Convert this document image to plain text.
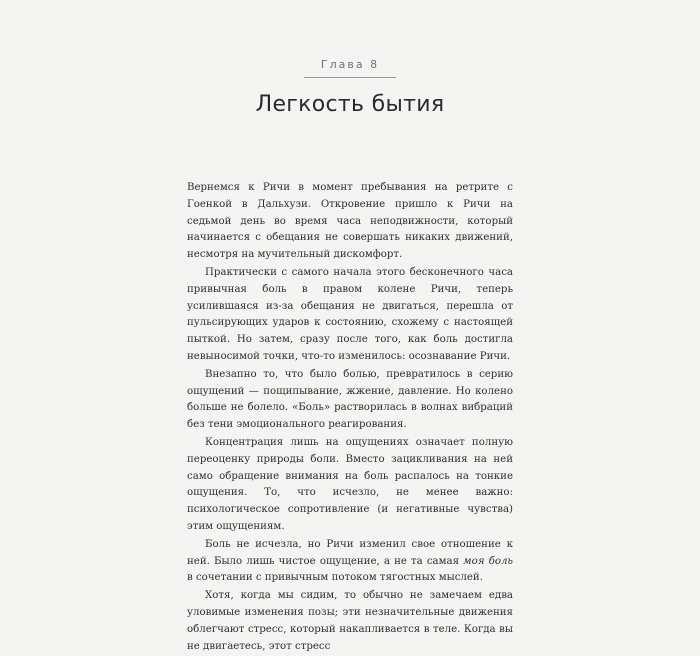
Глава 8
Легкость бытия

Вернемся к Ричи в момент пребывания на ретрите с Гоенкой в Дальхузи. Откровение пришло к Ричи на седьмой день во время часа неподвижности, который начинается с обещания не совершать никаких движений, несмотря на мучительный дискомфорт.

Практически с самого начала этого бесконечного часа привычная боль в правом колене Ричи, теперь усилившаяся из-за обещания не двигаться, перешла от пульсирующих ударов к состоянию, схожему с настоящей пыткой. Но затем, сразу после того, как боль достигла невыносимой точки, что-то изменилось: осознавание Ричи.

Внезапно то, что было болью, превратилось в серию ощущений — пощипывание, жжение, давление. Но колено больше не болело. «Боль» растворилась в волнах вибраций без тени эмоционального реагирования.

Концентрация лишь на ощущениях означает полную переоценку природы боли. Вместо зацикливания на ней само обращение внимания на боль распалось на тонкие ощущения. То, что исчезло, не менее важно: психологическое сопротивление (и негативные чувства) этим ощущениям.

Боль не исчезла, но Ричи изменил свое отношение к ней. Было лишь чистое ощущение, а не та самая моя боль в сочетании с привычным потоком тягостных мыслей.

Хотя, когда мы сидим, то обычно не замечаем едва уловимые изменения позы; эти незначительные движения облегчают стресс, который накапливается в теле. Когда вы не двигаетесь, этот стресс
